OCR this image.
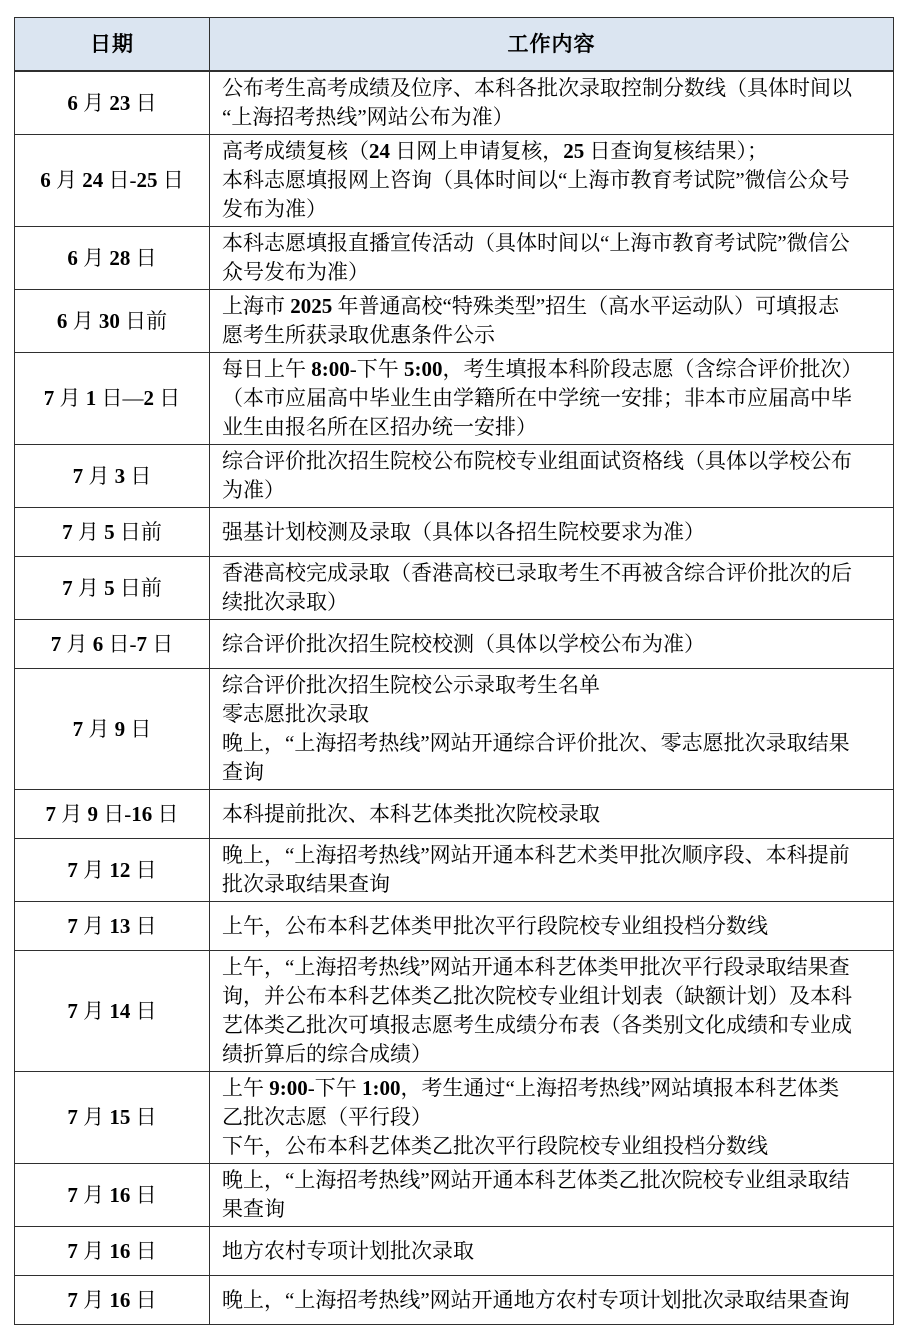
日期	工作内容
6 月 23 日	公布考生高考成绩及位序、本科各批次录取控制分数线（具体时间以“上海招考热线”网站公布为准）
6 月 24 日-25 日	高考成绩复核（24 日网上申请复核，25 日查询复核结果）；
本科志愿填报网上咨询（具体时间以“上海市教育考试院”微信公众号发布为准）
6 月 28 日	本科志愿填报直播宣传活动（具体时间以“上海市教育考试院”微信公众号发布为准）
6 月 30 日前	上海市 2025 年普通高校“特殊类型”招生（高水平运动队）可填报志愿考生所获录取优惠条件公示
7 月 1 日—2 日	每日上午 8:00-下午 5:00，考生填报本科阶段志愿（含综合评价批次）（本市应届高中毕业生由学籍所在中学统一安排；非本市应届高中毕业生由报名所在区招办统一安排）
7 月 3 日	综合评价批次招生院校公布院校专业组面试资格线（具体以学校公布为准）
7 月 5 日前	强基计划校测及录取（具体以各招生院校要求为准）
7 月 5 日前	香港高校完成录取（香港高校已录取考生不再被含综合评价批次的后续批次录取）
7 月 6 日-7 日	综合评价批次招生院校校测（具体以学校公布为准）
7 月 9 日	综合评价批次招生院校公示录取考生名单
零志愿批次录取
晚上，“上海招考热线”网站开通综合评价批次、零志愿批次录取结果查询
7 月 9 日-16 日	本科提前批次、本科艺体类批次院校录取
7 月 12 日	晚上，“上海招考热线”网站开通本科艺术类甲批次顺序段、本科提前批次录取结果查询
7 月 13 日	上午，公布本科艺体类甲批次平行段院校专业组投档分数线
7 月 14 日	上午，“上海招考热线”网站开通本科艺体类甲批次平行段录取结果查询，并公布本科艺体类乙批次院校专业组计划表（缺额计划）及本科艺体类乙批次可填报志愿考生成绩分布表（各类别文化成绩和专业成绩折算后的综合成绩）
7 月 15 日	上午 9:00-下午 1:00，考生通过“上海招考热线”网站填报本科艺体类乙批次志愿（平行段）
下午，公布本科艺体类乙批次平行段院校专业组投档分数线
7 月 16 日	晚上，“上海招考热线”网站开通本科艺体类乙批次院校专业组录取结果查询
7 月 16 日	地方农村专项计划批次录取
7 月 16 日	晚上，“上海招考热线”网站开通地方农村专项计划批次录取结果查询
